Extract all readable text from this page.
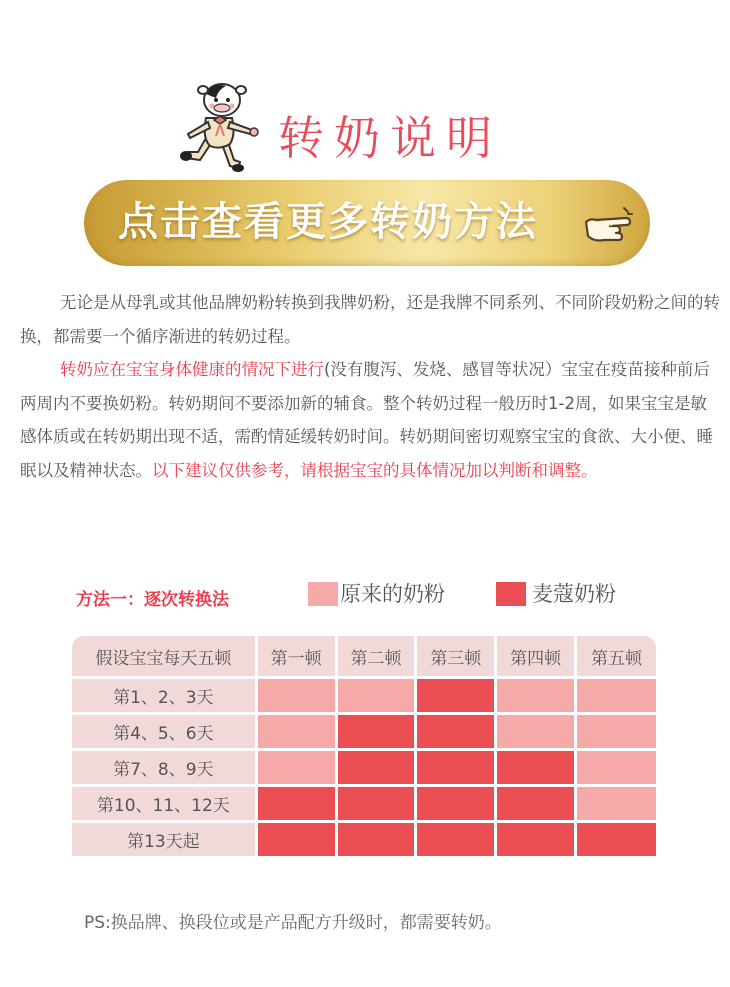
转奶说明
点击查看更多转奶方法

无论是从母乳或其他品牌奶粉转换到我牌奶粉，还是我牌不同系列、不同阶段奶粉之间的转换，都需要一个循序渐进的转奶过程。

转奶应在宝宝身体健康的情况下进行(没有腹泻、发烧、感冒等状况）宝宝在疫苗接种前后两周内不要换奶粉。转奶期间不要添加新的辅食。整个转奶过程一般历时1-2周，如果宝宝是敏感体质或在转奶期出现不适，需酌情延缓转奶时间。转奶期间密切观察宝宝的食欲、大小便、睡眠以及精神状态。以下建议仅供参考，请根据宝宝的具体情况加以判断和调整。

方法一：逐次转换法	原来的奶粉	麦蔻奶粉
假设宝宝每天五顿	第一顿	第二顿	第三顿	第四顿	第五顿
第1、2、3天					
第4、5、6天					
第7、8、9天					
第10、11、12天					
第13天起					
PS:换品牌、换段位或是产品配方升级时，都需要转奶。
